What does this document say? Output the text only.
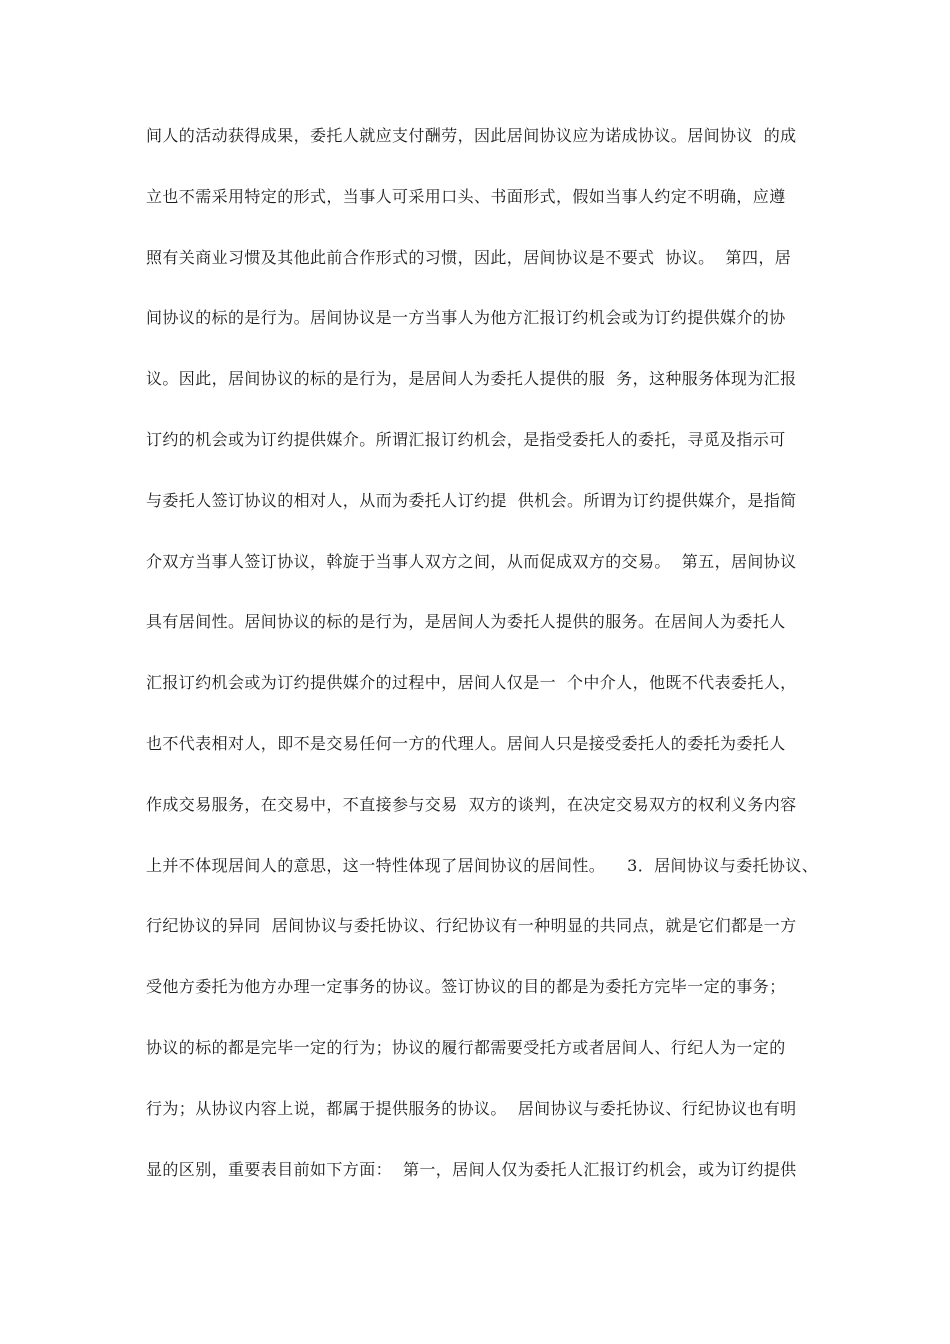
间人的活动获得成果，委托人就应支付酬劳，因此居间协议应为诺成协议。居间协议  的成
立也不需采用特定的形式，当事人可采用口头、书面形式，假如当事人约定不明确，应遵
照有关商业习惯及其他此前合作形式的习惯，因此，居间协议是不要式  协议。  第四，居
间协议的标的是行为。居间协议是一方当事人为他方汇报订约机会或为订约提供媒介的协
议。因此，居间协议的标的是行为，是居间人为委托人提供的服  务，这种服务体现为汇报
订约的机会或为订约提供媒介。所谓汇报订约机会，是指受委托人的委托，寻觅及指示可
与委托人签订协议的相对人，从而为委托人订约提  供机会。所谓为订约提供媒介，是指简
介双方当事人签订协议，斡旋于当事人双方之间，从而促成双方的交易。  第五，居间协议
具有居间性。居间协议的标的是行为，是居间人为委托人提供的服务。在居间人为委托人
汇报订约机会或为订约提供媒介的过程中，居间人仅是一  个中介人，他既不代表委托人，
也不代表相对人，即不是交易任何一方的代理人。居间人只是接受委托人的委托为委托人
作成交易服务，在交易中，不直接参与交易  双方的谈判，在决定交易双方的权利义务内容
上并不体现居间人的意思，这一特性体现了居间协议的居间性。    3．居间协议与委托协议、
行纪协议的异同  居间协议与委托协议、行纪协议有一种明显的共同点，就是它们都是一方
受他方委托为他方办理一定事务的协议。签订协议的目的都是为委托方完毕一定的事务；
协议的标的都是完毕一定的行为；协议的履行都需要受托方或者居间人、行纪人为一定的
行为；从协议内容上说，都属于提供服务的协议。  居间协议与委托协议、行纪协议也有明
显的区别，重要表目前如下方面：  第一，居间人仅为委托人汇报订约机会，或为订约提供
